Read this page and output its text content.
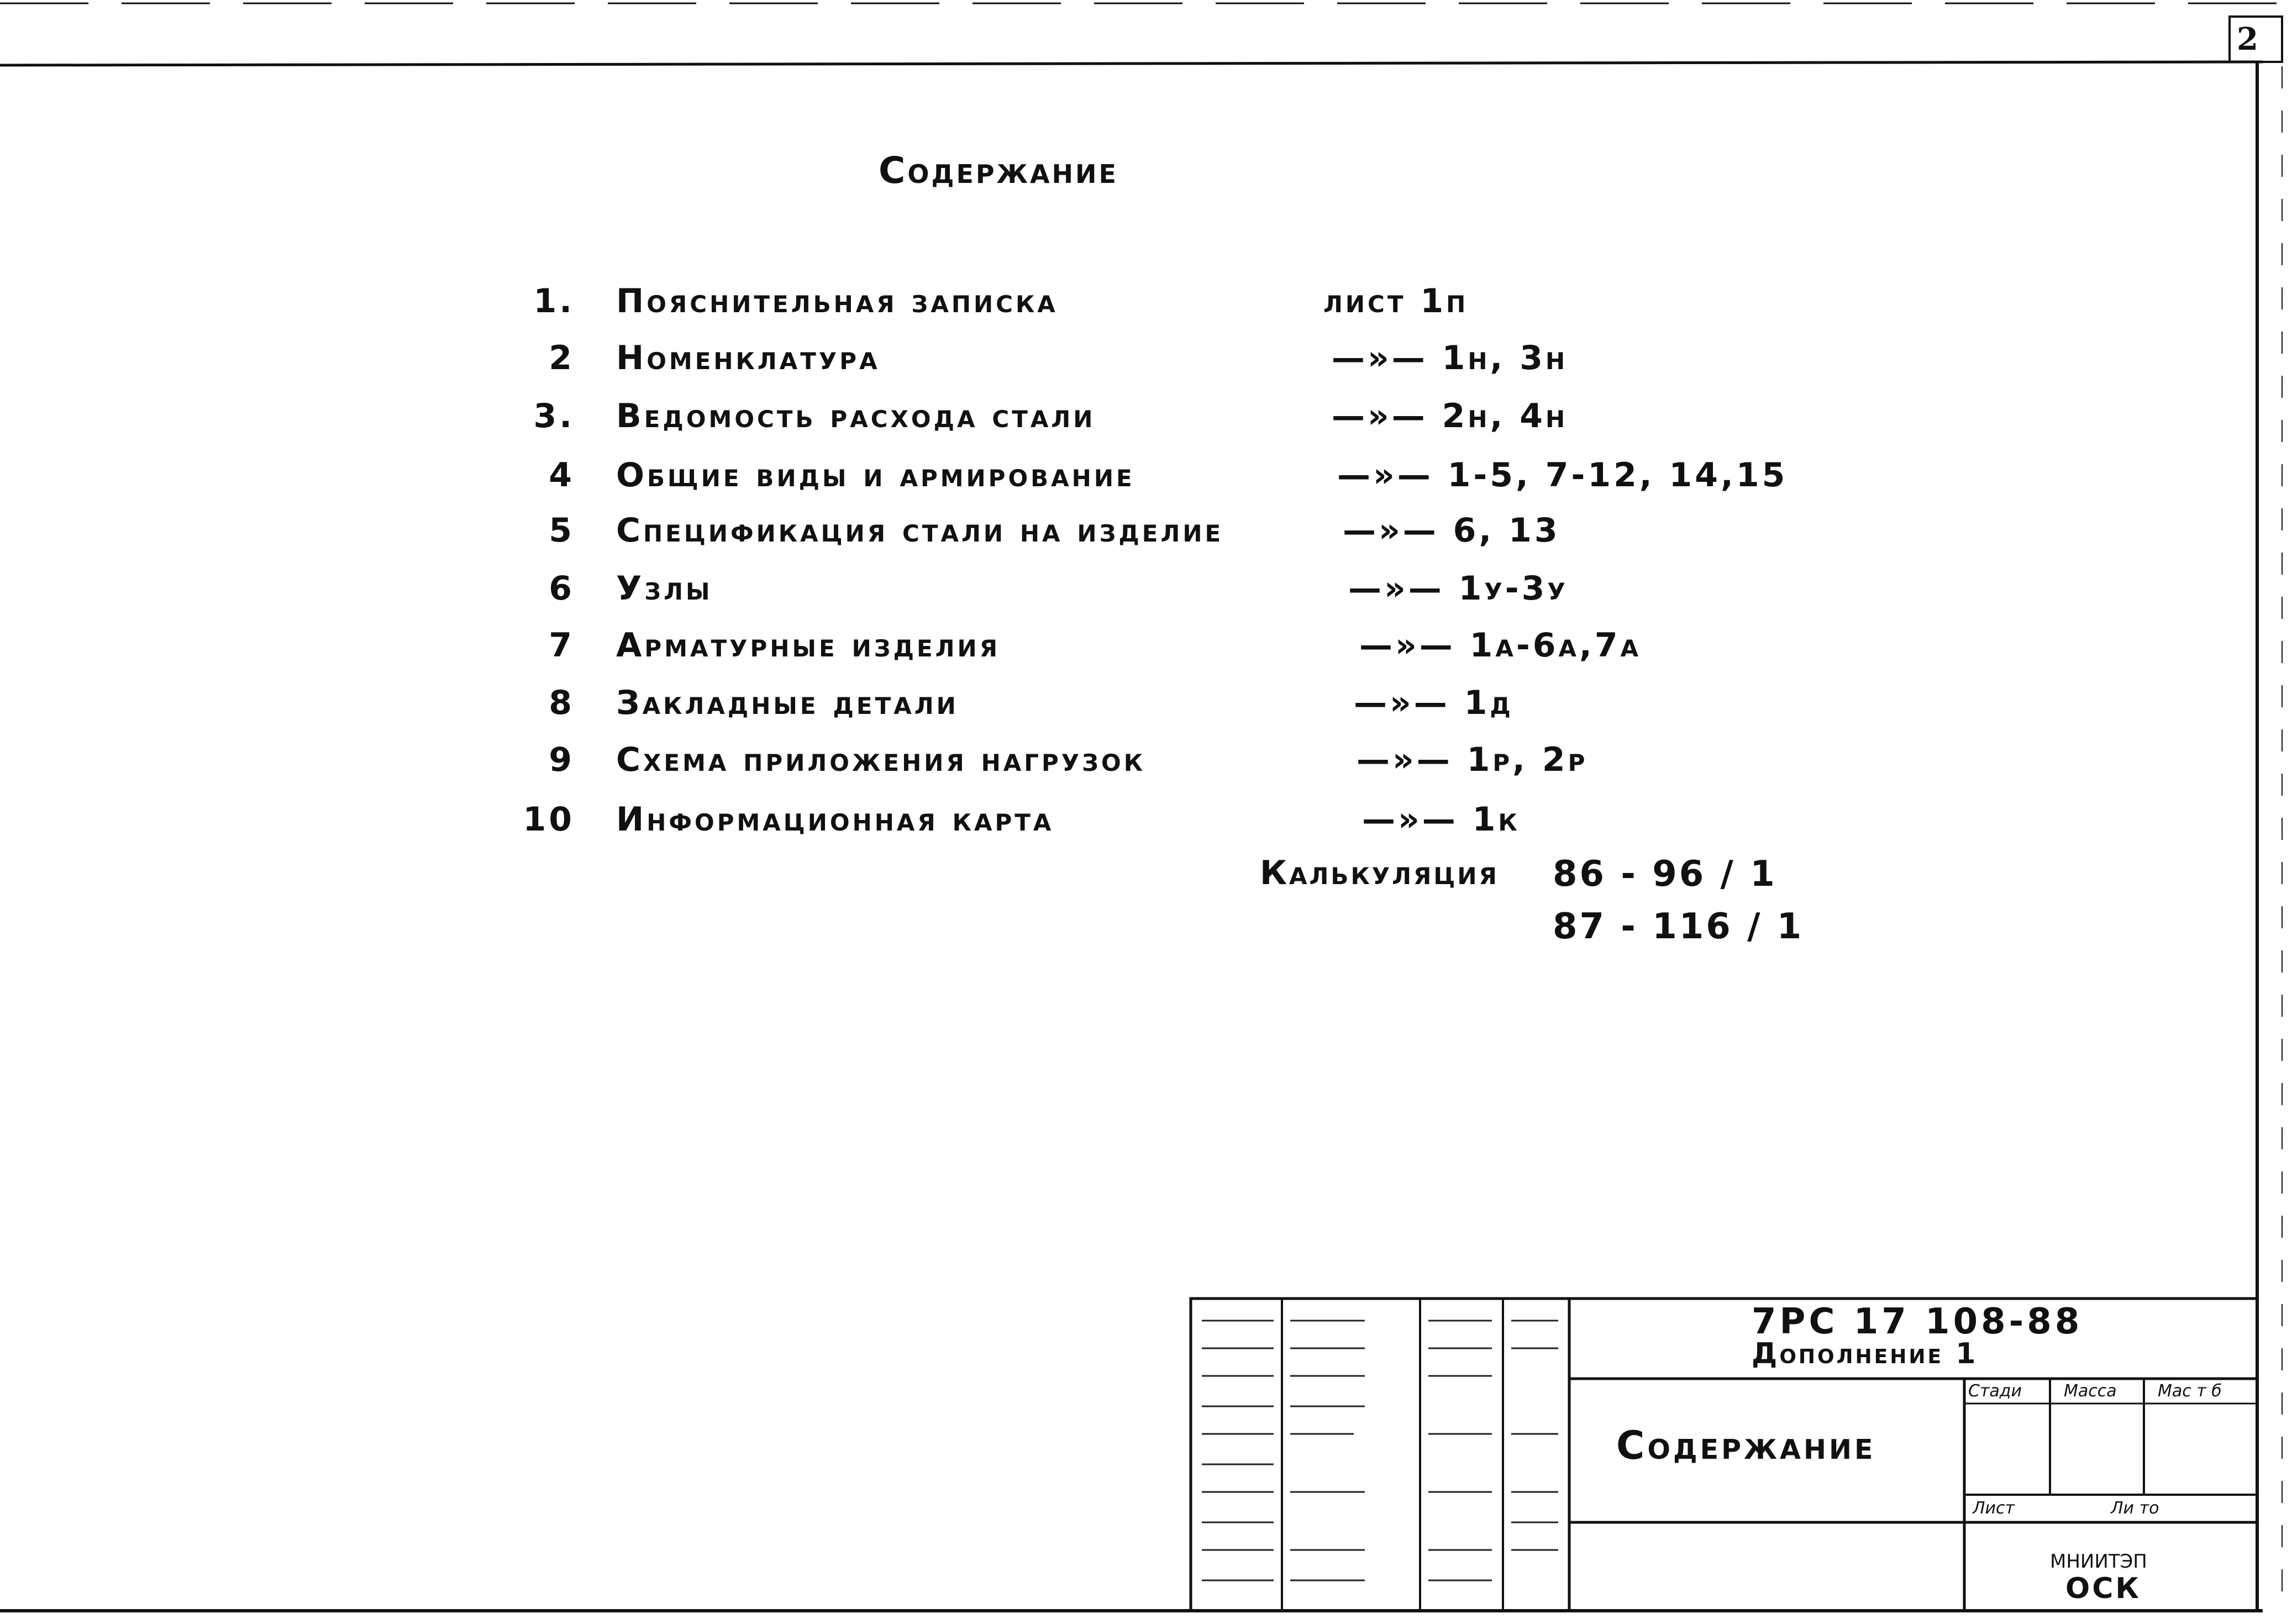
2
Содержание
1. Пояснительная записка	лист 1п
2 Номенклатура	—»— 1н, 3н
3. Ведомость расхода стали	—»— 2н, 4н
4 Общие виды и армирование	—»— 1-5, 7-12, 14,15
5 Спецификация стали на изделие	—»— 6, 13
6 Узлы	—»— 1у-3у
7 Арматурные изделия	—»— 1а-6а,7а
8 Закладные детали	—»— 1д
9 Схема приложения нагрузок	—»— 1р, 2р
10 Информационная карта	—»— 1к
Калькуляция 86 - 96 / 1
87 - 116 / 1
7РС 17 108-88
Дополнение 1
Содержание
Стади	Масса Мас т б
Лист	Ли то
МНИИТЭП
ОСК
